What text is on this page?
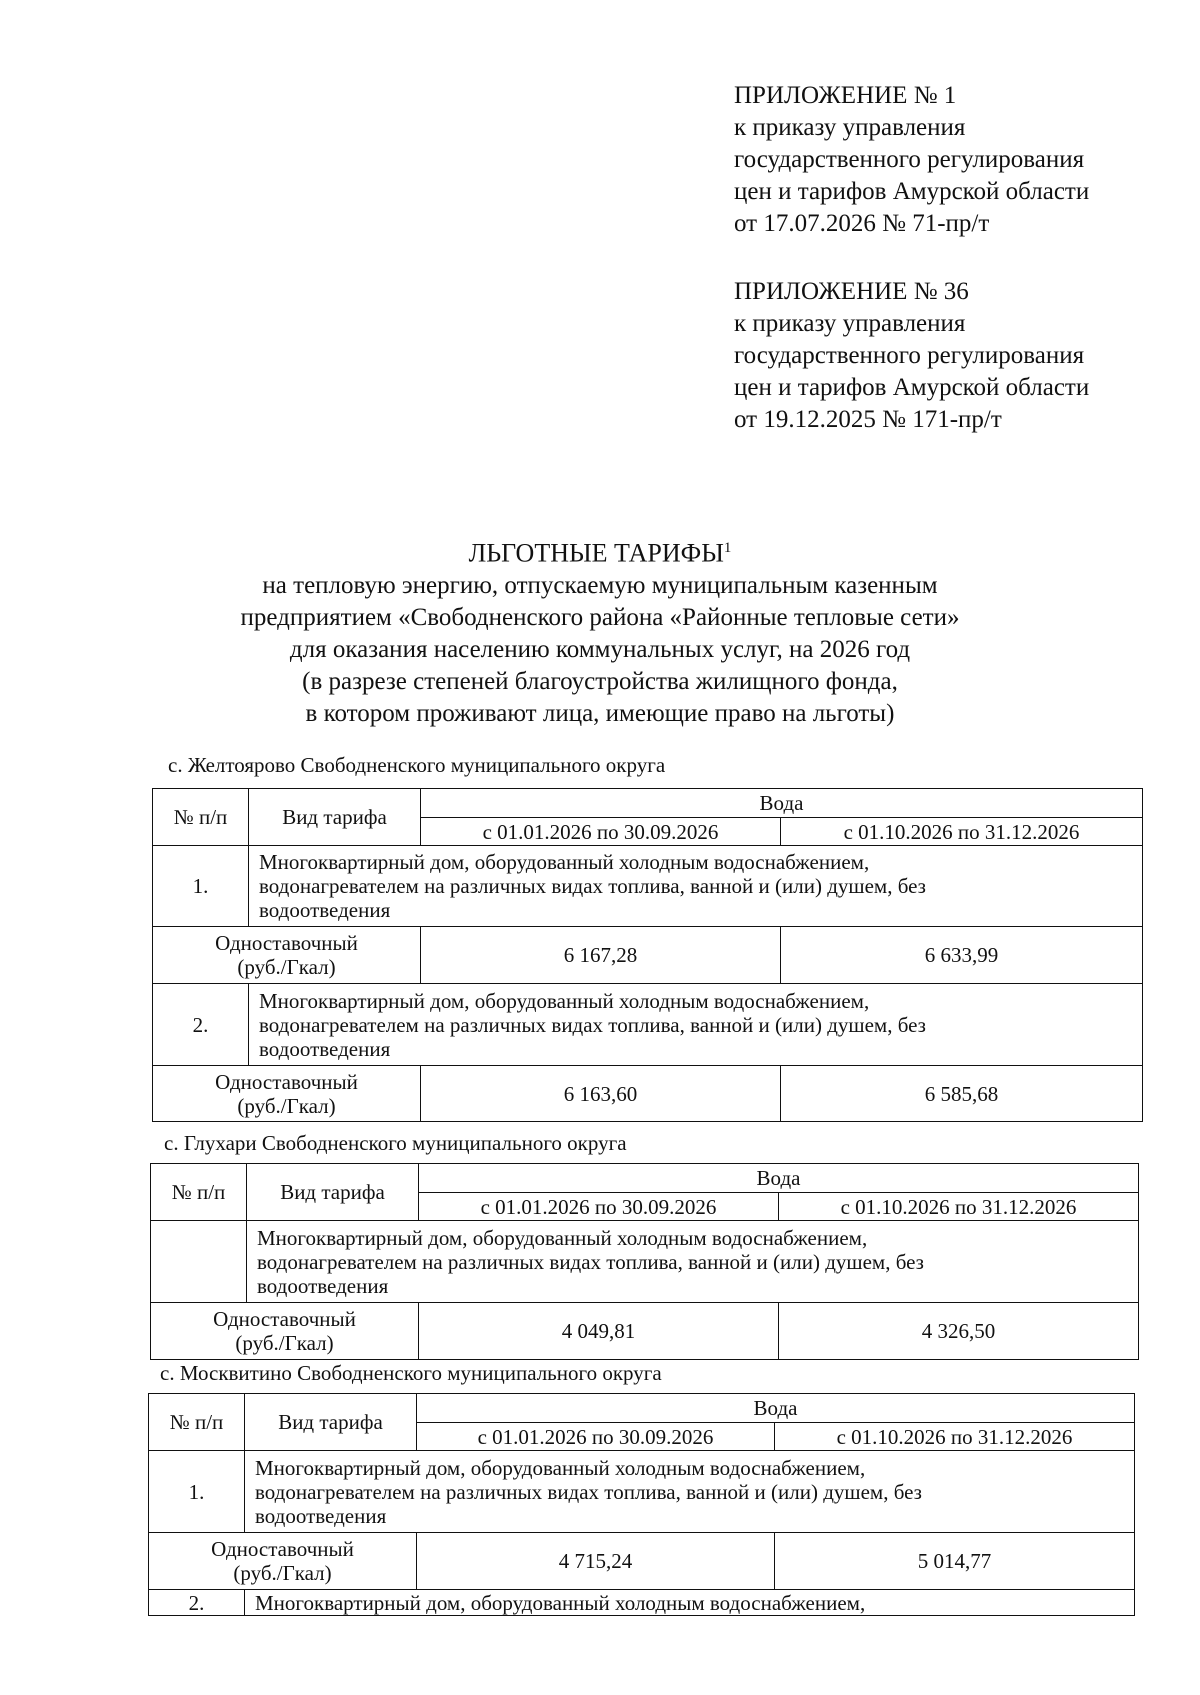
ПРИЛОЖЕНИЕ № 1
к приказу управления
государственного регулирования
цен и тарифов Амурской области
от 17.07.2026 № 71-пр/т
ПРИЛОЖЕНИЕ № 36
к приказу управления
государственного регулирования
цен и тарифов Амурской области
от 19.12.2025 № 171-пр/т
ЛЬГОТНЫЕ ТАРИФЫ$^1$
на тепловую энергию, отпускаемую муниципальным казенным
предприятием «Свободненского района «Районные тепловые сети»
для оказания населению коммунальных услуг, на 2026 год
(в разрезе степеней благоустройства жилищного фонда,
в котором проживают лица, имеющие право на льготы)
с. Желтоярово Свободненского муниципального округа
№ п/п	Вид тарифа	Вода	
		с 01.01.2026 по 30.09.2026	с 01.10.2026 по 31.12.2026
1.	Многоквартирный дом, оборудованный холодным водоснабжением,
водонагревателем на различных видах топлива, ванной и (или) душем, без
водоотведения		

Одноставочный
(руб./Гкал)		6 167,28	6 633,99
2.	Многоквартирный дом, оборудованный холодным водоснабжением,
водонагревателем на различных видах топлива, ванной и (или) душем, без
водоотведения		

Одноставочный
(руб./Гкал)		6 163,60	6 585,68
с. Глухари Свободненского муниципального округа
№ п/п	Вид тарифа	Вода	
		с 01.01.2026 по 30.09.2026	с 01.10.2026 по 31.12.2026

	Многоквартирный дом, оборудованный холодным водоснабжением,
водонагревателем на различных видах топлива, ванной и (или) душем, без
водоотведения		

Одноставочный
(руб./Гкал)		4 049,81	4 326,50
с. Москвитино Свободненского муниципального округа
№ п/п	Вид тарифа	Вода	
		с 01.01.2026 по 30.09.2026	с 01.10.2026 по 31.12.2026
1.	Многоквартирный дом, оборудованный холодным водоснабжением,
водонагревателем на различных видах топлива, ванной и (или) душем, без
водоотведения		

Одноставочный
(руб./Гкал)		4 715,24	5 014,77
2.	Многоквартирный дом, оборудованный холодным водоснабжением,		
